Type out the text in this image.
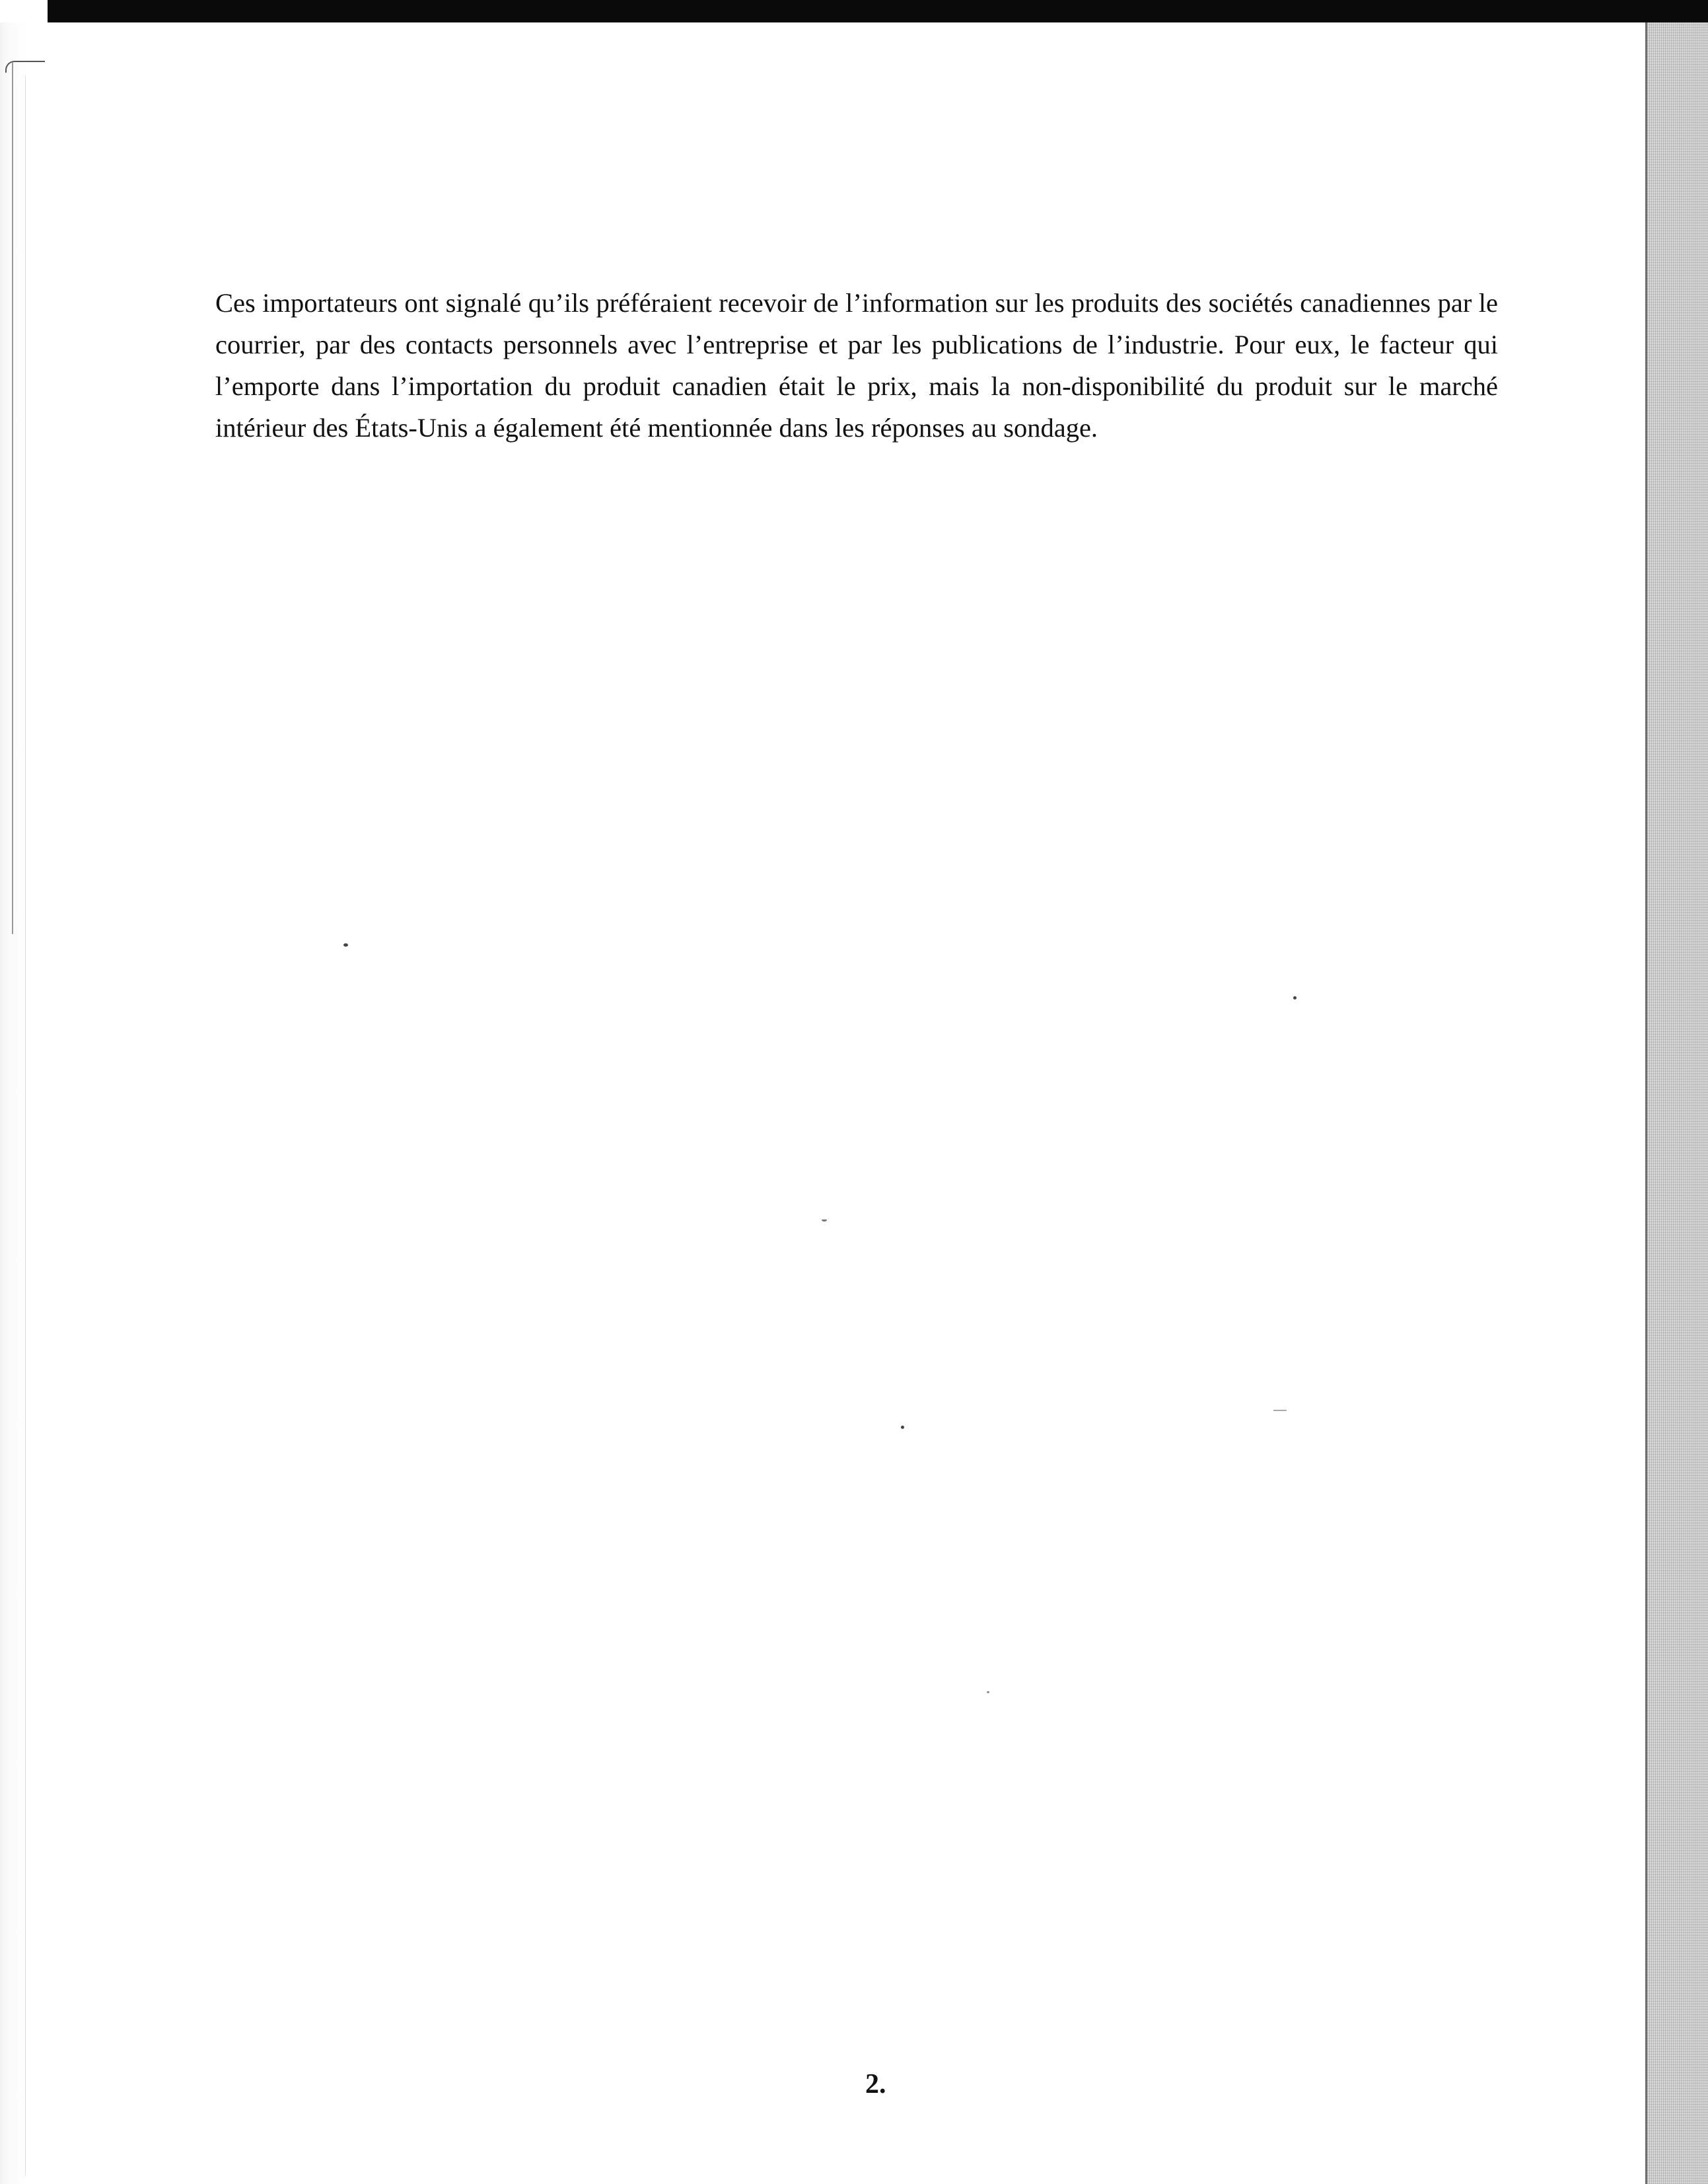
Ces importateurs ont signalé qu’ils préféraient recevoir de l’information sur les produits des sociétés canadiennes par le courrier, par des contacts personnels avec l’entreprise et par les publications de l’industrie. Pour eux, le facteur qui l’emporte dans l’importation du produit canadien était le prix, mais la non-disponibilité du produit sur le marché intérieur des États-Unis a également été mentionnée dans les réponses au sondage.

2.
